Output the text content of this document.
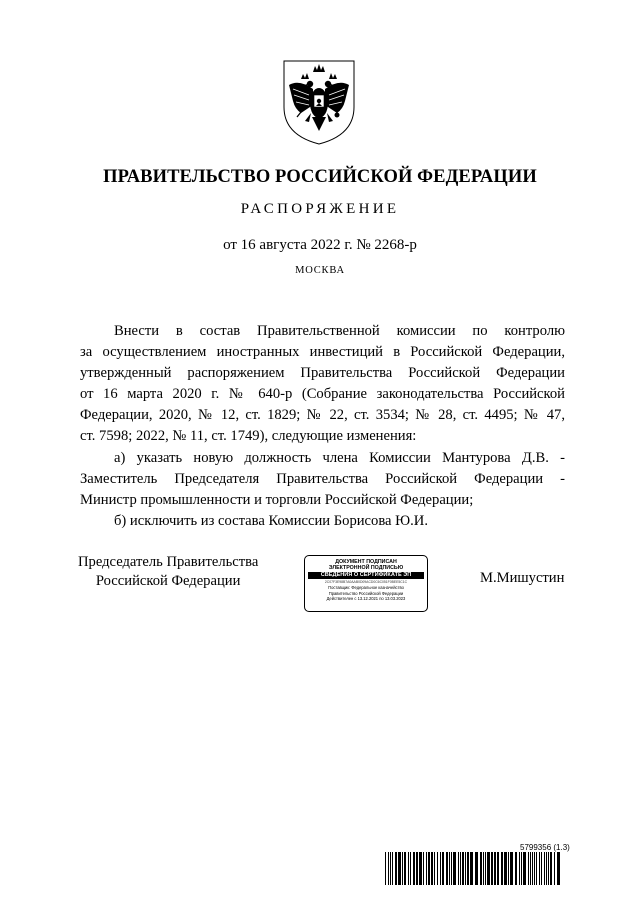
ПРАВИТЕЛЬСТВО РОССИЙСКОЙ ФЕДЕРАЦИИ
РАСПОРЯЖЕНИЕ
от 16 августа 2022 г. № 2268-р
МОСКВА
Внести в состав Правительственной комиссии по контролю
за осуществлением иностранных инвестиций в Российской Федерации,
утвержденный распоряжением Правительства Российской Федерации
от 16 марта 2020 г. № 640-р (Собрание законодательства Российской
Федерации, 2020, № 12, ст. 1829; № 22, ст. 3534; № 28, ст. 4495; № 47,
ст. 7598; 2022, № 11, ст. 1749), следующие изменения:
а) указать новую должность члена Комиссии Мантурова Д.В. -
Заместитель Председателя Правительства Российской Федерации -
Министр промышленности и торговли Российской Федерации;
б) исключить из состава Комиссии Борисова Ю.И.
Председатель Правительства
Российской Федерации
ДОКУМЕНТ ПОДПИСАН
ЭЛЕКТРОННОЙ ПОДПИСЬЮ
СВЕДЕНИЯ О СЕРТИФИКАТЕ ЭП
2C07F3E98B7A0AAB0D09ACD0C6C051F0BEE5C1C
Поставщик: Федеральное казначейство
Правительство Российской Федерации
Действителен с 13.12.2021 по 13.03.2023
М.Мишустин
5799356 (1.3)
